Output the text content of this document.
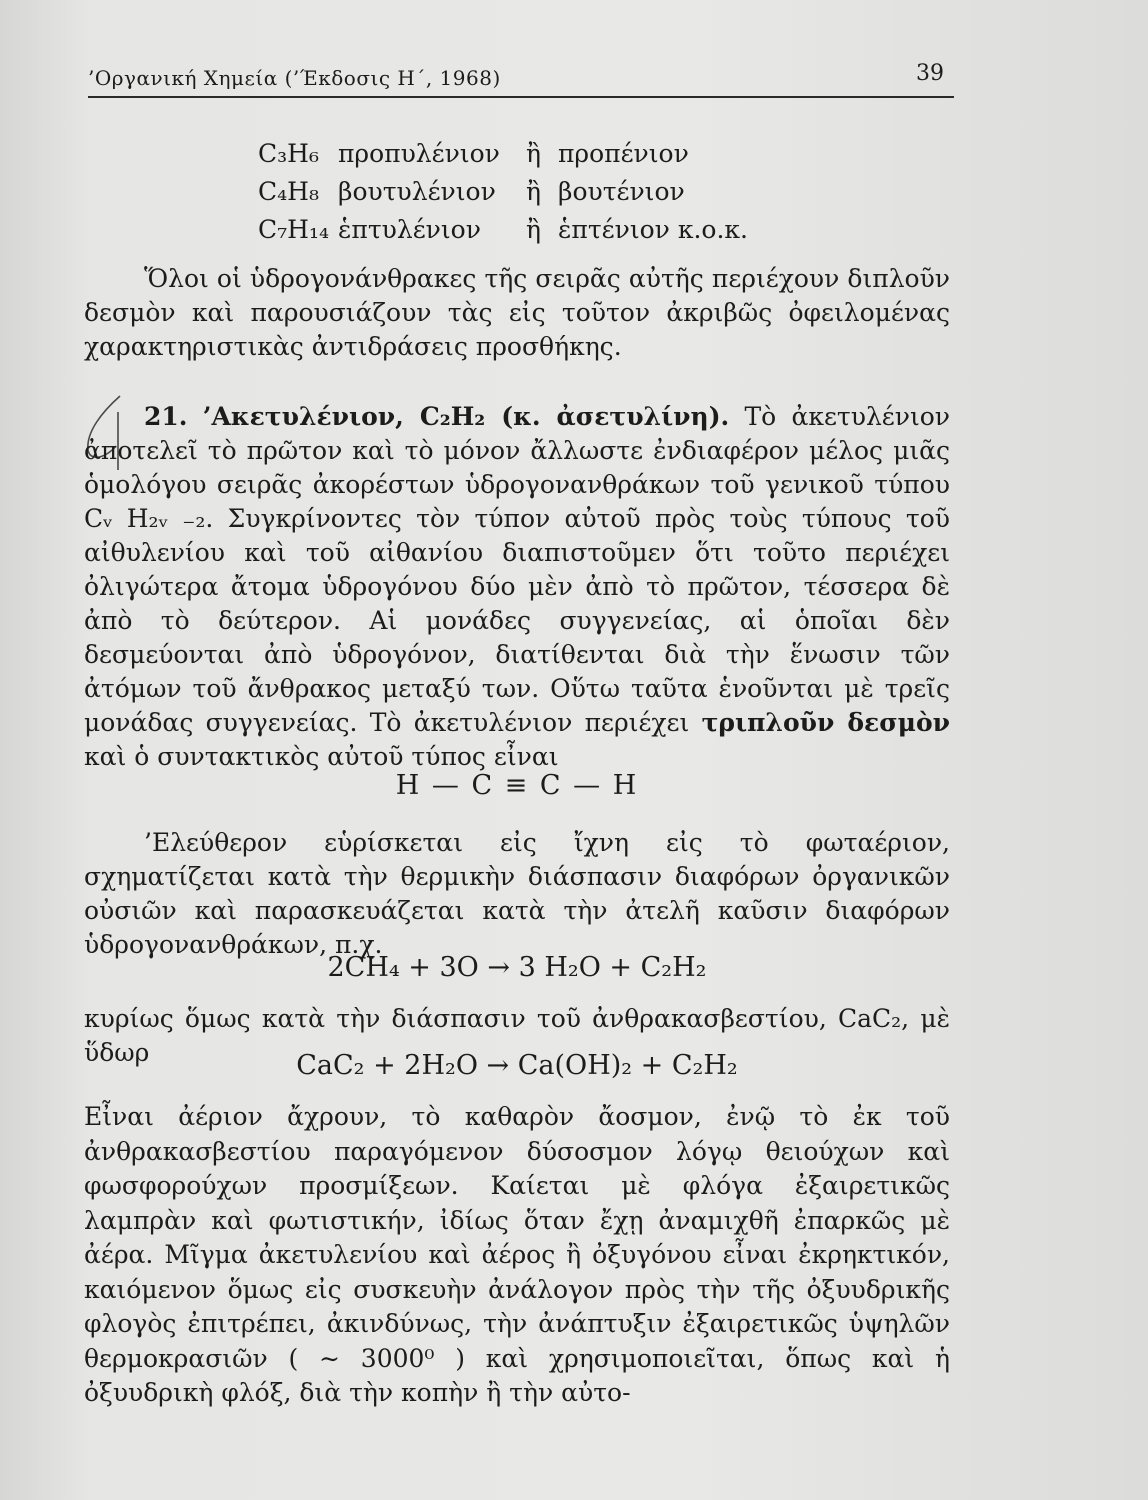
’Οργανική Χημεία (’Έκδοσις Η΄, 1968)	39
C₃H₆ προπυλένιον	ἢ προπένιον
C₄H₈ βουτυλένιον	ἢ βουτένιον
C₇H₁₄ ἑπτυλένιον	ἢ ἑπτένιον κ.ο.κ.

Ὅλοι οἱ ὑδρογονάνθρακες τῆς σειρᾶς αὐτῆς περιέχουν διπλοῦν δεσμὸν καὶ παρουσιάζουν τὰς εἰς τοῦτον ἀκριβῶς ὀφειλομένας χαρακτηριστικὰς ἀντιδράσεις προσθήκης.

21. ’Ακετυλένιον, C₂H₂ (κ. ἀσετυλίνη). Τὸ ἀκετυλένιον ἀποτελεῖ τὸ πρῶτον καὶ τὸ μόνον ἄλλωστε ἐνδιαφέρον μέλος μιᾶς ὁμολόγου σειρᾶς ἀκορέστων ὑδρογονανθράκων τοῦ γενικοῦ τύπου Cᵥ H₂ᵥ ₋₂. Συγκρίνοντες τὸν τύπον αὐτοῦ πρὸς τοὺς τύπους τοῦ αἰθυλενίου καὶ τοῦ αἰθανίου διαπιστοῦμεν ὅτι τοῦτο περιέχει ὀλιγώτερα ἄτομα ὑδρογόνου δύο μὲν ἀπὸ τὸ πρῶτον, τέσσερα δὲ ἀπὸ τὸ δεύτερον. Αἱ μονάδες συγγενείας, αἱ ὁποῖαι δὲν δεσμεύονται ἀπὸ ὑδρογόνον, διατίθενται διὰ τὴν ἕνωσιν τῶν ἀτόμων τοῦ ἄνθρακος μεταξύ των. Οὕτω ταῦτα ἑνοῦνται μὲ τρεῖς μονάδας συγγενείας. Τὸ ἀκετυλένιον περιέχει τριπλοῦν δεσμὸν καὶ ὁ συντακτικὸς αὐτοῦ τύπος εἶναι

H — C ≡ C — H

’Ελεύθερον εὑρίσκεται εἰς ἴχνη εἰς τὸ φωταέριον, σχηματίζεται κατὰ τὴν θερμικὴν διάσπασιν διαφόρων ὀργανικῶν οὐσιῶν καὶ παρασκευάζεται κατὰ τὴν ἀτελῆ καῦσιν διαφόρων ὑδρογονανθράκων, π.χ.

2CH₄ + 3O → 3 H₂O + C₂H₂

κυρίως ὅμως κατὰ τὴν διάσπασιν τοῦ ἀνθρακασβεστίου, CaC₂, μὲ ὕδωρ	CaC₂ + 2H₂O → Ca(OH)₂ + C₂H₂

Εἶναι ἀέριον ἄχρουν, τὸ καθαρὸν ἄοσμον, ἐνῷ τὸ ἐκ τοῦ ἀνθρακασβεστίου παραγόμενον δύσοσμον λόγῳ θειούχων καὶ φωσφορούχων προσμίξεων. Καίεται μὲ φλόγα ἐξαιρετικῶς λαμπρὰν καὶ φωτιστικήν, ἰδίως ὅταν ἔχῃ ἀναμιχθῆ ἐπαρκῶς μὲ ἀέρα. Μῖγμα ἀκετυλενίου καὶ ἀέρος ἢ ὀξυγόνου εἶναι ἐκρηκτικόν, καιόμενον ὅμως εἰς συσκευὴν ἀνάλογον πρὸς τὴν τῆς ὀξυυδρικῆς φλογὸς ἐπιτρέπει, ἀκινδύνως, τὴν ἀνάπτυξιν ἐξαιρετικῶς ὑψηλῶν θερμοκρασιῶν ( ∼ 3000⁰ ) καὶ χρησιμοποιεῖται, ὅπως καὶ ἡ ὀξυυδρικὴ φλόξ, διὰ τὴν κοπὴν ἢ τὴν αὐτο-
